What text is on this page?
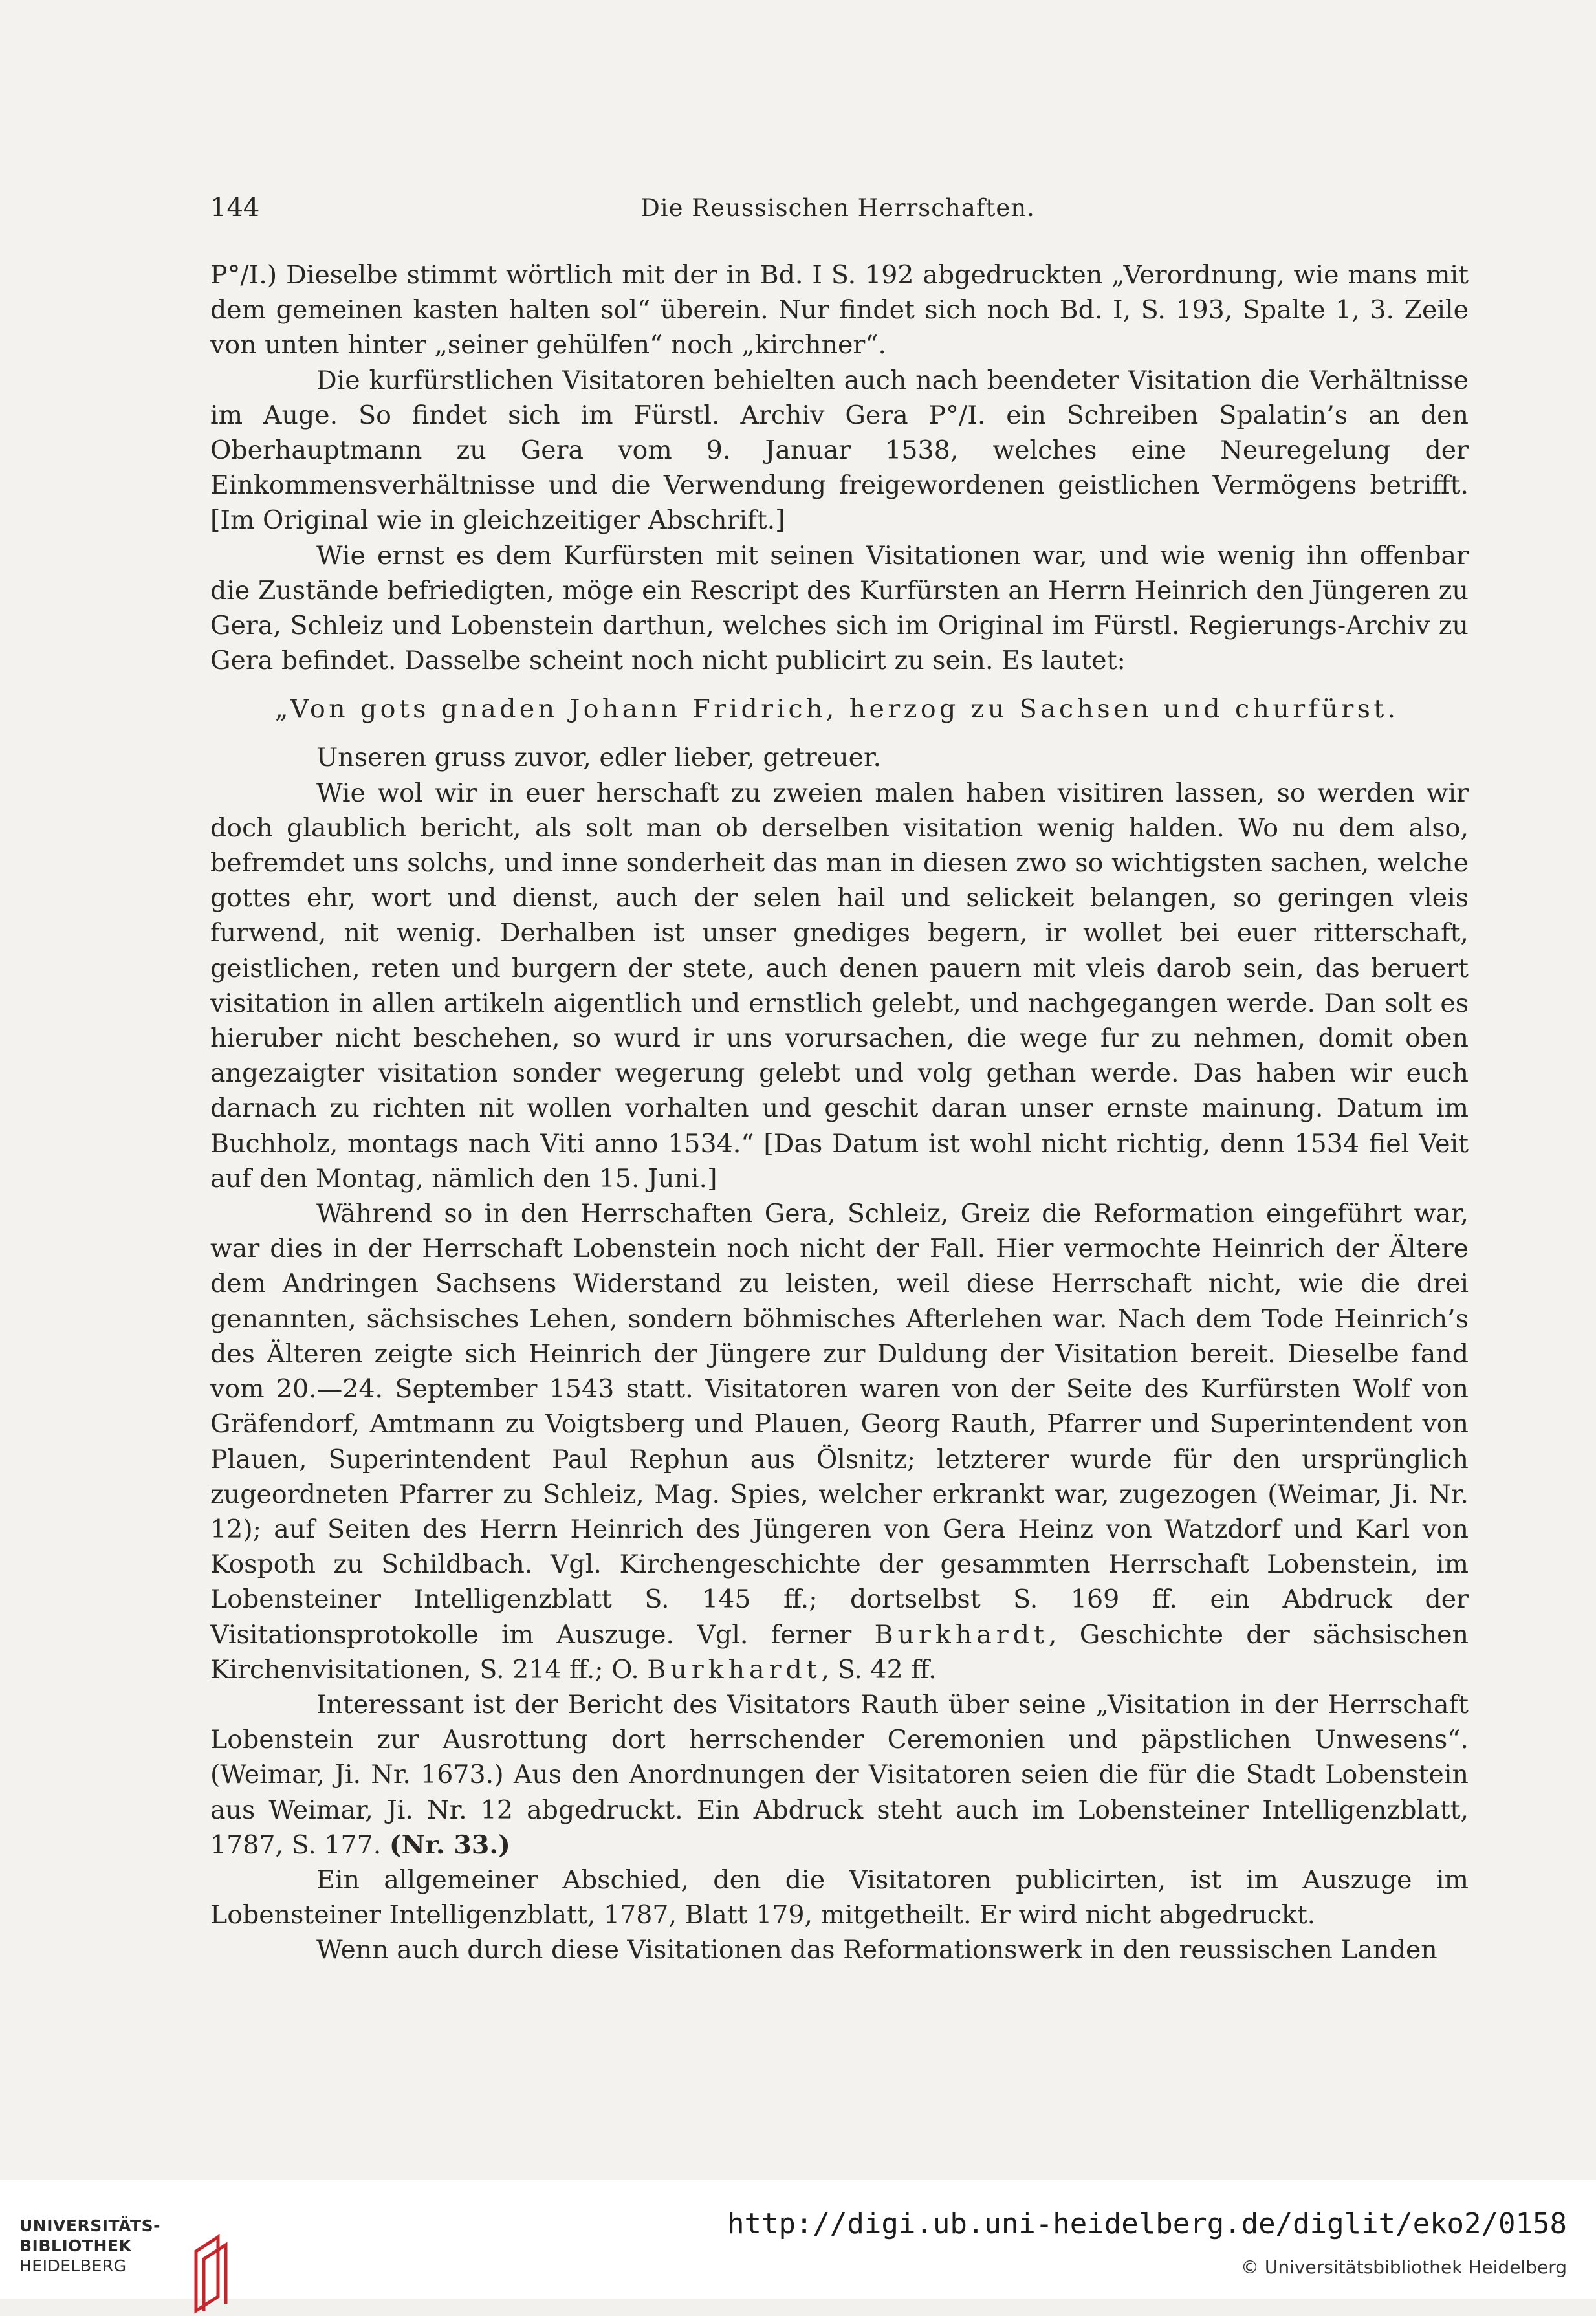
144	Die Reussischen Herrschaften.

P°/I.) Dieselbe stimmt wörtlich mit der in Bd. I S. 192 abgedruckten „Verordnung, wie mans mit dem gemeinen kasten halten sol“ überein. Nur findet sich noch Bd. I, S. 193, Spalte 1, 3. Zeile von unten hinter „seiner gehülfen“ noch „kirchner“.

Die kurfürstlichen Visitatoren behielten auch nach beendeter Visitation die Verhältnisse im Auge. So findet sich im Fürstl. Archiv Gera P°/I. ein Schreiben Spalatin’s an den Oberhauptmann zu Gera vom 9. Januar 1538, welches eine Neuregelung der Einkommensverhältnisse und die Verwendung freigewordenen geistlichen Vermögens betrifft. [Im Original wie in gleichzeitiger Abschrift.]

Wie ernst es dem Kurfürsten mit seinen Visitationen war, und wie wenig ihn offenbar die Zustände befriedigten, möge ein Rescript des Kurfürsten an Herrn Heinrich den Jüngeren zu Gera, Schleiz und Lobenstein darthun, welches sich im Original im Fürstl. Regierungs-Archiv zu Gera befindet. Dasselbe scheint noch nicht publicirt zu sein. Es lautet:

„Von gots gnaden Johann Fridrich, herzog zu Sachsen und churfürst.

Unseren gruss zuvor, edler lieber, getreuer.

Wie wol wir in euer herschaft zu zweien malen haben visitiren lassen, so werden wir doch glaublich bericht, als solt man ob derselben visitation wenig halden. Wo nu dem also, befremdet uns solchs, und inne sonderheit das man in diesen zwo so wichtigsten sachen, welche gottes ehr, wort und dienst, auch der selen hail und selickeit belangen, so geringen vleis furwend, nit wenig. Derhalben ist unser gnediges begern, ir wollet bei euer ritterschaft, geistlichen, reten und burgern der stete, auch denen pauern mit vleis darob sein, das beruert visitation in allen artikeln aigentlich und ernstlich gelebt, und nachgegangen werde. Dan solt es hieruber nicht beschehen, so wurd ir uns vorursachen, die wege fur zu nehmen, domit oben angezaigter visitation sonder wegerung gelebt und volg gethan werde. Das haben wir euch darnach zu richten nit wollen vorhalten und geschit daran unser ernste mainung. Datum im Buchholz, montags nach Viti anno 1534.“ [Das Datum ist wohl nicht richtig, denn 1534 fiel Veit auf den Montag, nämlich den 15. Juni.]

Während so in den Herrschaften Gera, Schleiz, Greiz die Reformation eingeführt war, war dies in der Herrschaft Lobenstein noch nicht der Fall. Hier vermochte Heinrich der Ältere dem Andringen Sachsens Widerstand zu leisten, weil diese Herrschaft nicht, wie die drei genannten, sächsisches Lehen, sondern böhmisches Afterlehen war. Nach dem Tode Heinrich’s des Älteren zeigte sich Heinrich der Jüngere zur Duldung der Visitation bereit. Dieselbe fand vom 20.—24. September 1543 statt. Visitatoren waren von der Seite des Kurfürsten Wolf von Gräfendorf, Amtmann zu Voigtsberg und Plauen, Georg Rauth, Pfarrer und Superintendent von Plauen, Superintendent Paul Rephun aus Ölsnitz; letzterer wurde für den ursprünglich zugeordneten Pfarrer zu Schleiz, Mag. Spies, welcher erkrankt war, zugezogen (Weimar, Ji. Nr. 12); auf Seiten des Herrn Heinrich des Jüngeren von Gera Heinz von Watzdorf und Karl von Kospoth zu Schildbach. Vgl. Kirchengeschichte der gesammten Herrschaft Lobenstein, im Lobensteiner Intelligenzblatt S. 145 ff.; dortselbst S. 169 ff. ein Abdruck der Visitationsprotokolle im Auszuge. Vgl. ferner Burkhardt, Geschichte der sächsischen Kirchenvisitationen, S. 214 ff.; O. Burkhardt, S. 42 ff.

Interessant ist der Bericht des Visitators Rauth über seine „Visitation in der Herrschaft Lobenstein zur Ausrottung dort herrschender Ceremonien und päpstlichen Unwesens“. (Weimar, Ji. Nr. 1673.) Aus den Anordnungen der Visitatoren seien die für die Stadt Lobenstein aus Weimar, Ji. Nr. 12 abgedruckt. Ein Abdruck steht auch im Lobensteiner Intelligenzblatt, 1787, S. 177. (Nr. 33.)

Ein allgemeiner Abschied, den die Visitatoren publicirten, ist im Auszuge im Lobensteiner Intelligenzblatt, 1787, Blatt 179, mitgetheilt. Er wird nicht abgedruckt.

Wenn auch durch diese Visitationen das Reformationswerk in den reussischen Landen

UNIVERSITÄTS-
BIBLIOTHEK
HEIDELBERG
http://digi.ub.uni-heidelberg.de/diglit/eko2/0158
© Universitätsbibliothek Heidelberg
